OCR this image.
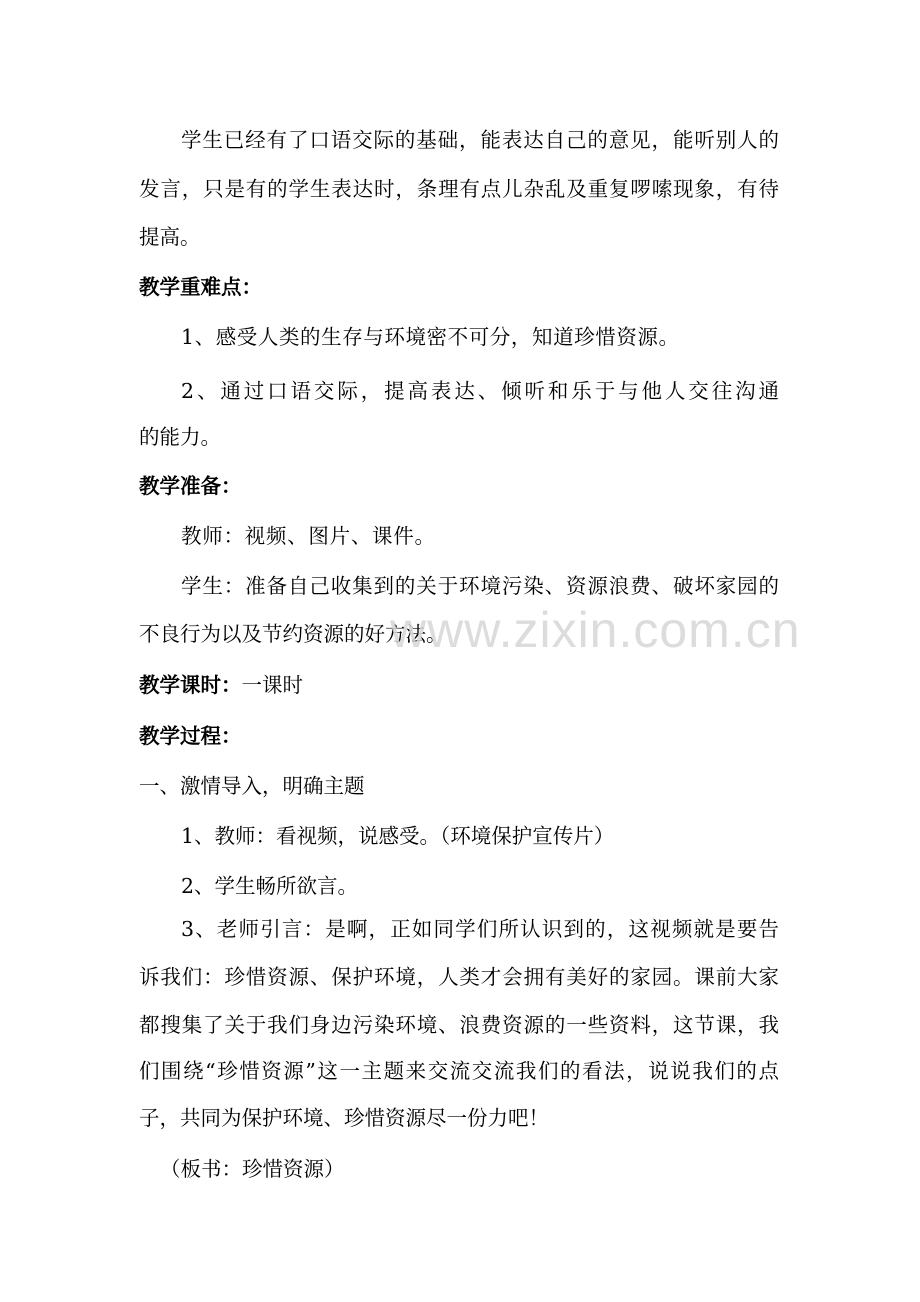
学生已经有了口语交际的基础，能表达自己的意见，能听别人的
发言，只是有的学生表达时，条理有点儿杂乱及重复啰嗦现象，有待
提高。
教学重难点：
1、感受人类的生存与环境密不可分，知道珍惜资源。
2、通过口语交际，提高表达、倾听和乐于与他人交往沟通
的能力。
教学准备：
教师：视频、图片、课件。
学生：准备自己收集到的关于环境污染、资源浪费、破坏家园的
不良行为以及节约资源的好方法。
教学课时：一课时
教学过程：
一、激情导入，明确主题
1、教师：看视频，说感受。（环境保护宣传片）
2、学生畅所欲言。
3、老师引言：是啊，正如同学们所认识到的，这视频就是要告
诉我们：珍惜资源、保护环境，人类才会拥有美好的家园。课前大家
都搜集了关于我们身边污染环境、浪费资源的一些资料，这节课，我
们围绕“珍惜资源”这一主题来交流交流我们的看法，说说我们的点
子，共同为保护环境、珍惜资源尽一份力吧！
（板书：珍惜资源）
www.zixin.com.cn
